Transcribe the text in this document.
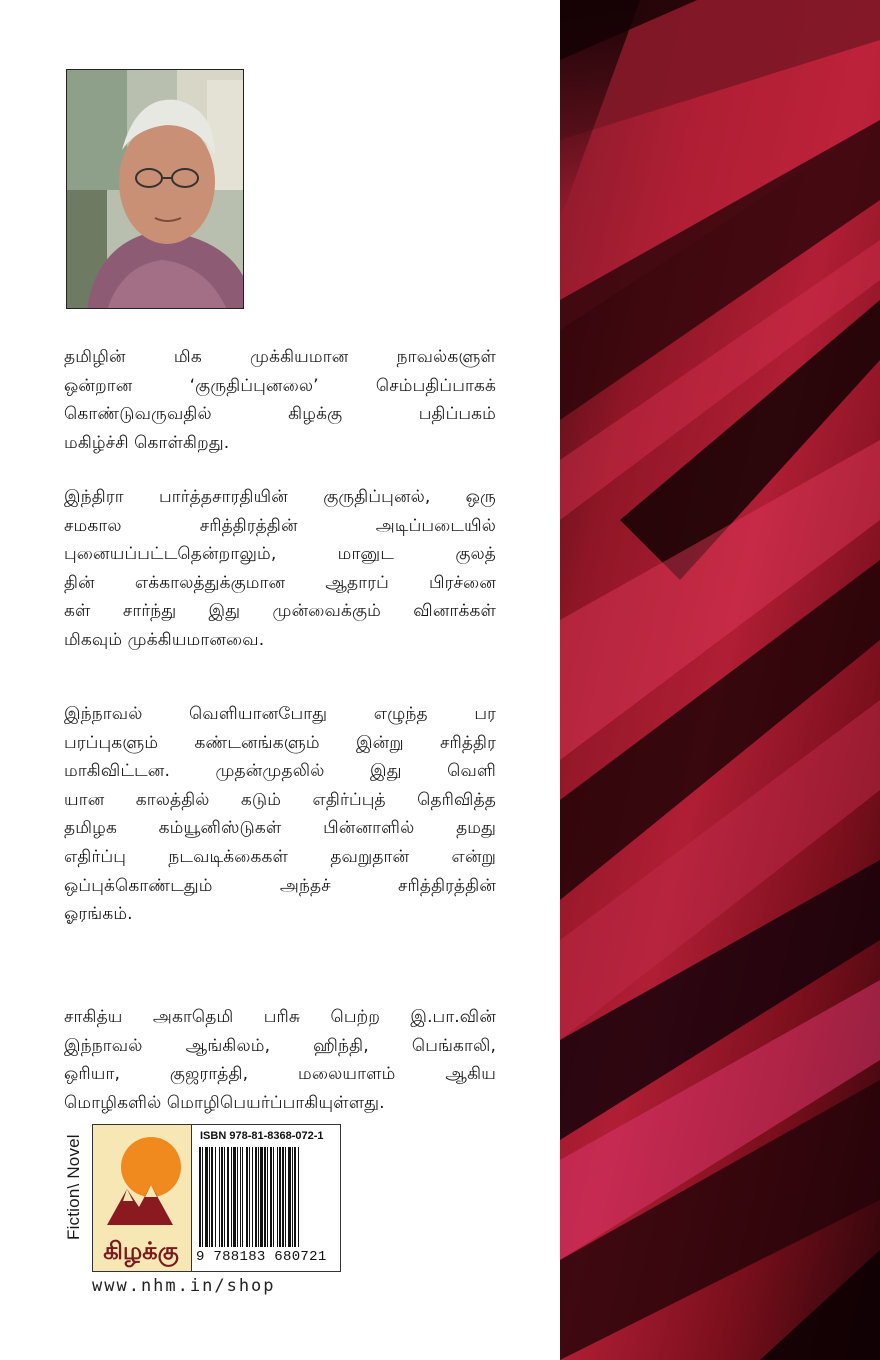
தமிழின் மிக முக்கியமான நாவல்களுள்
ஒன்றான ‘குருதிப்புனலை’ செம்பதிப்பாகக்
கொண்டுவருவதில் கிழக்கு பதிப்பகம்
மகிழ்ச்சி கொள்கிறது.
இந்திரா பார்த்தசாரதியின் குருதிப்புனல், ஒரு
சமகால சரித்திரத்தின் அடிப்படையில்
புனையப்பட்டதென்றாலும், மானுட குலத்
தின் எக்காலத்துக்குமான ஆதாரப் பிரச்னை
கள் சார்ந்து இது முன்வைக்கும் வினாக்கள்
மிகவும் முக்கியமானவை.
இந்நாவல் வெளியானபோது எழுந்த பர
பரப்புகளும் கண்டனங்களும் இன்று சரித்திர
மாகிவிட்டன. முதன்முதலில் இது வெளி
யான காலத்தில் கடும் எதிர்ப்புத் தெரிவித்த
தமிழக கம்யூனிஸ்டுகள் பின்னாளில் தமது
எதிர்ப்பு நடவடிக்கைகள் தவறுதான் என்று
ஒப்புக்கொண்டதும் அந்தச் சரித்திரத்தின்
ஓரங்கம்.
சாகித்ய அகாதெமி பரிசு பெற்ற இ.பா.வின்
இந்நாவல் ஆங்கிலம், ஹிந்தி, பெங்காலி,
ஒரியா, குஜராத்தி, மலையாளம் ஆகிய
மொழிகளில் மொழிபெயர்ப்பாகியுள்ளது.
கிழக்கு
ISBN 978-81-8368-072-1
9 788183 680721
www.nhm.in/shop
